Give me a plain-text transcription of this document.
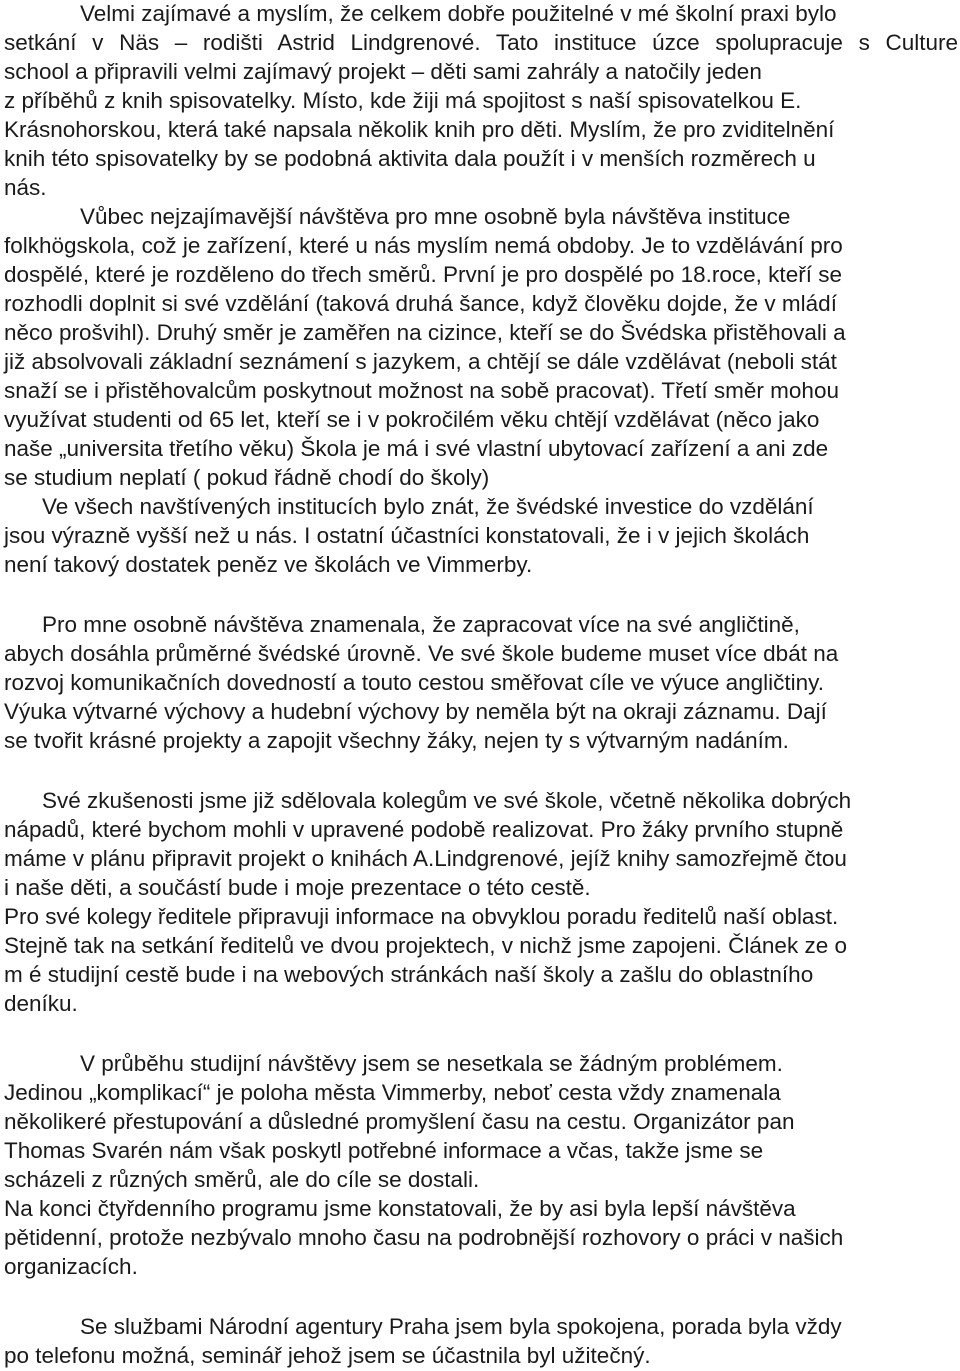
Velmi zajímavé a myslím, že celkem dobře použitelné v mé školní praxi bylo
setkání v Näs – rodišti Astrid Lindgrenové. Tato instituce úzce spolupracuje s Culture
school a připravili velmi zajímavý projekt – děti sami zahrály a natočily jeden
z příběhů z knih spisovatelky. Místo, kde žiji má spojitost s naší spisovatelkou E.
Krásnohorskou, která také napsala několik knih pro děti. Myslím, že pro zviditelnění
knih této spisovatelky by se podobná aktivita dala použít i v menších rozměrech u
nás.
Vůbec nejzajímavější návštěva pro mne osobně byla návštěva instituce
folkhögskola, což je zařízení, které u nás myslím nemá obdoby. Je to vzdělávání pro
dospělé, které je rozděleno do třech směrů. První je pro dospělé po 18.roce, kteří se
rozhodli doplnit si své vzdělání (taková druhá šance, když člověku dojde, že v mládí
něco prošvihl). Druhý směr je zaměřen na cizince, kteří se do Švédska přistěhovali a
již absolvovali základní seznámení s jazykem, a chtějí se dále vzdělávat (neboli stát
snaží se i přistěhovalcům poskytnout možnost na sobě pracovat). Třetí směr mohou
využívat studenti od 65 let, kteří se i v pokročilém věku chtějí vzdělávat (něco jako
naše „universita třetího věku) Škola je má i své vlastní ubytovací zařízení a ani zde
se studium neplatí ( pokud řádně chodí do školy)
Ve všech navštívených institucích bylo znát, že švédské investice do vzdělání
jsou výrazně vyšší než u nás. I ostatní účastníci konstatovali, že i v jejich školách
není takový dostatek peněz ve školách ve Vimmerby.
Pro mne osobně návštěva znamenala, že zapracovat více na své angličtině,
abych dosáhla průměrné švédské úrovně. Ve své škole budeme muset více dbát na
rozvoj komunikačních dovedností a touto cestou směřovat cíle ve výuce angličtiny.
Výuka výtvarné výchovy a hudební výchovy by neměla být na okraji záznamu. Dají
se tvořit krásné projekty a zapojit všechny žáky, nejen ty s výtvarným nadáním.
Své zkušenosti jsme již sdělovala kolegům ve své škole, včetně několika dobrých
nápadů, které bychom mohli v upravené podobě realizovat. Pro žáky prvního stupně
máme v plánu připravit projekt o knihách A.Lindgrenové, jejíž knihy samozřejmě čtou
i naše děti, a součástí bude i moje prezentace o této cestě.
Pro své kolegy ředitele připravuji informace na obvyklou poradu ředitelů naší oblast.
Stejně tak na setkání ředitelů ve dvou projektech, v nichž jsme zapojeni. Článek ze o
m é studijní cestě bude i na webových stránkách naší školy a zašlu do oblastního
deníku.
V průběhu studijní návštěvy jsem se nesetkala se žádným problémem.
Jedinou „komplikací“ je poloha města Vimmerby, neboť cesta vždy znamenala
několikeré přestupování a důsledné promyšlení času na cestu. Organizátor pan
Thomas Svarén nám však poskytl potřebné informace a včas, takže jsme se
scházeli z různých směrů, ale do cíle se dostali.
Na konci čtyřdenního programu jsme konstatovali, že by asi byla lepší návštěva
pětidenní, protože nezbývalo mnoho času na podrobnější rozhovory o práci v našich
organizacích.
Se službami Národní agentury Praha jsem byla spokojena, porada byla vždy
po telefonu možná, seminář jehož jsem se účastnila byl užitečný.
